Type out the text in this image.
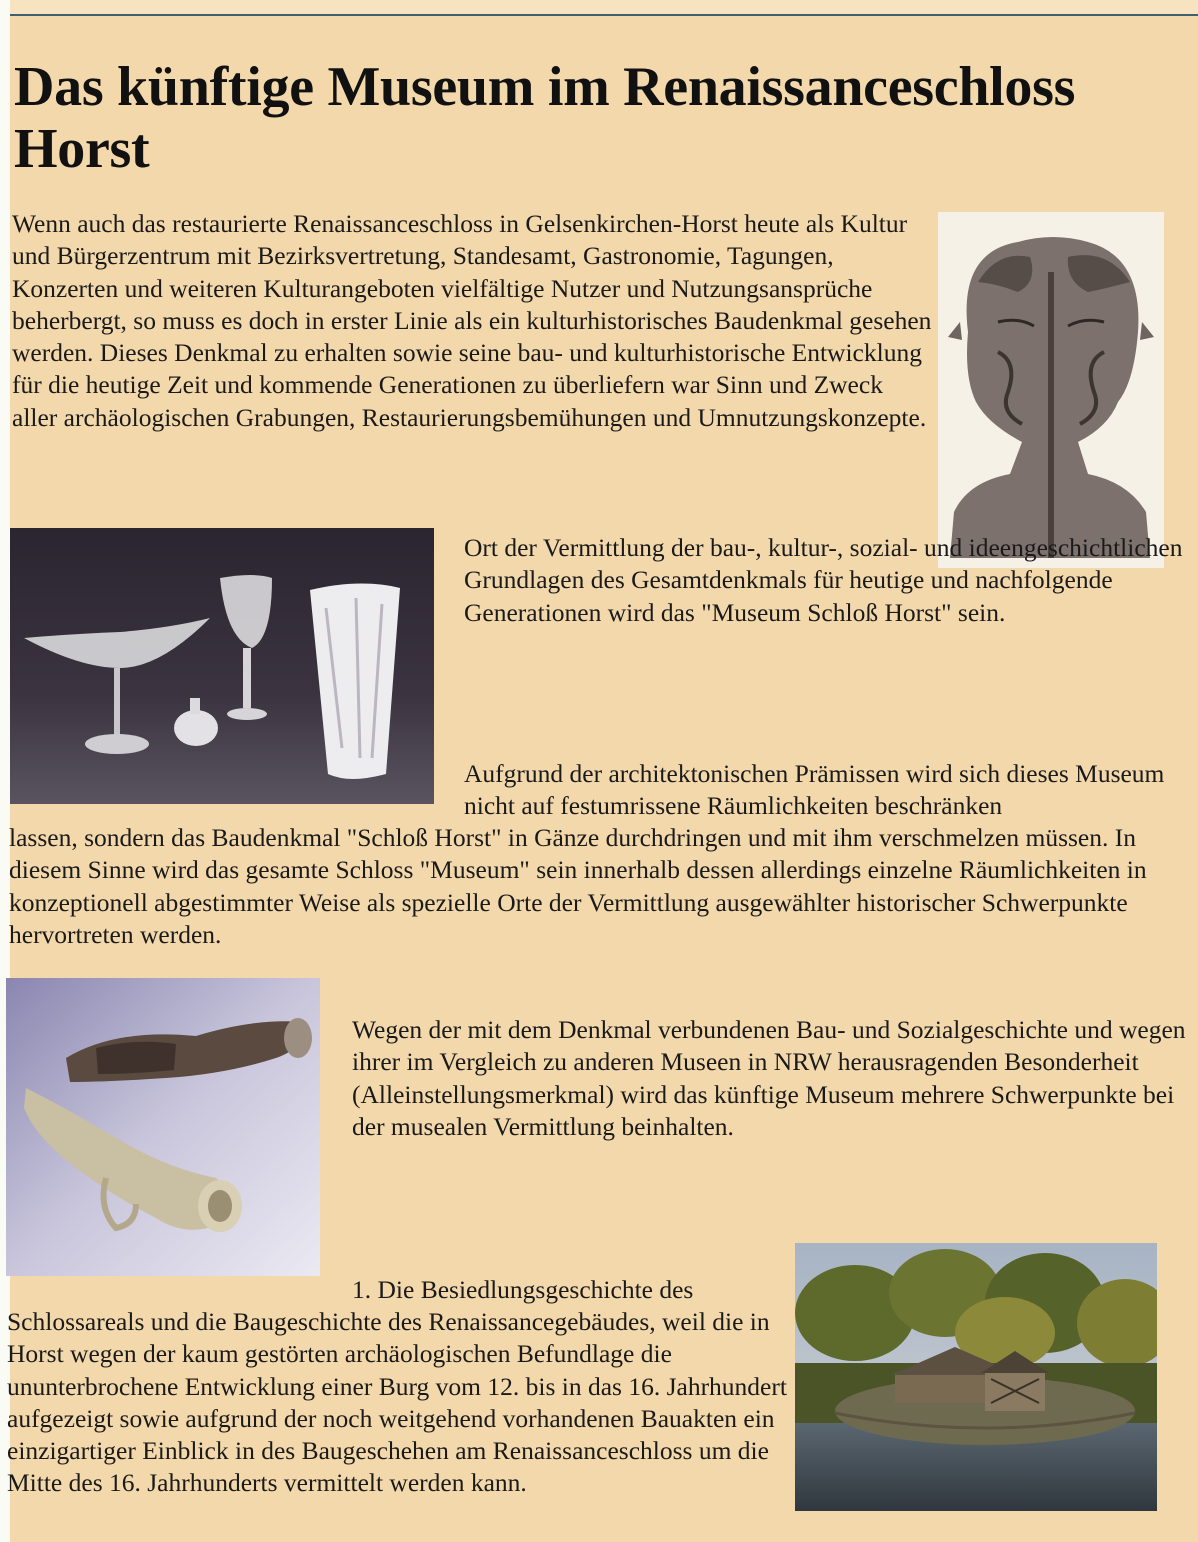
Das künftige Museum im Renaissanceschloss Horst

Wenn auch das restaurierte Renaissanceschloss in Gelsenkirchen-Horst heute als Kultur und Bürgerzentrum mit Bezirksvertretung, Standesamt, Gastronomie, Tagungen, Konzerten und weiteren Kulturangeboten vielfältige Nutzer und Nutzungsansprüche beherbergt, so muss es doch in erster Linie als ein kulturhistorisches Baudenkmal gesehen werden. Dieses Denkmal zu erhalten sowie seine bau- und kulturhistorische Entwicklung für die heutige Zeit und kommende Generationen zu überliefern war Sinn und Zweck aller archäologischen Grabungen, Restaurierungsbemühungen und Umnutzungskonzepte.

Ort der Vermittlung der bau-, kultur-, sozial- und ideengeschichtlichen Grundlagen des Gesamtdenkmals für heutige und nachfolgende Generationen wird das "Museum Schloß Horst" sein.

Aufgrund der architektonischen Prämissen wird sich dieses Museum nicht auf festumrissene Räumlichkeiten beschränken

lassen, sondern das Baudenkmal "Schloß Horst" in Gänze durchdringen und mit ihm verschmelzen müssen. In diesem Sinne wird das gesamte Schloss "Museum" sein innerhalb dessen allerdings einzelne Räumlichkeiten in konzeptionell abgestimmter Weise als spezielle Orte der Vermittlung ausgewählter historischer Schwerpunkte hervortreten werden.

Wegen der mit dem Denkmal verbundenen Bau- und Sozialgeschichte und wegen ihrer im Vergleich zu anderen Museen in NRW herausragenden Besonderheit (Alleinstellungsmerkmal) wird das künftige Museum mehrere Schwerpunkte bei der musealen Vermittlung beinhalten.

1. Die Besiedlungsgeschichte des

Schlossareals und die Baugeschichte des Renaissancegebäudes, weil die in Horst wegen der kaum gestörten archäologischen Befundlage die ununterbrochene Entwicklung einer Burg vom 12. bis in das 16. Jahrhundert aufgezeigt sowie aufgrund der noch weitgehend vorhandenen Bauakten ein einzigartiger Einblick in des Baugeschehen am Renaissanceschloss um die Mitte des 16. Jahrhunderts vermittelt werden kann.
